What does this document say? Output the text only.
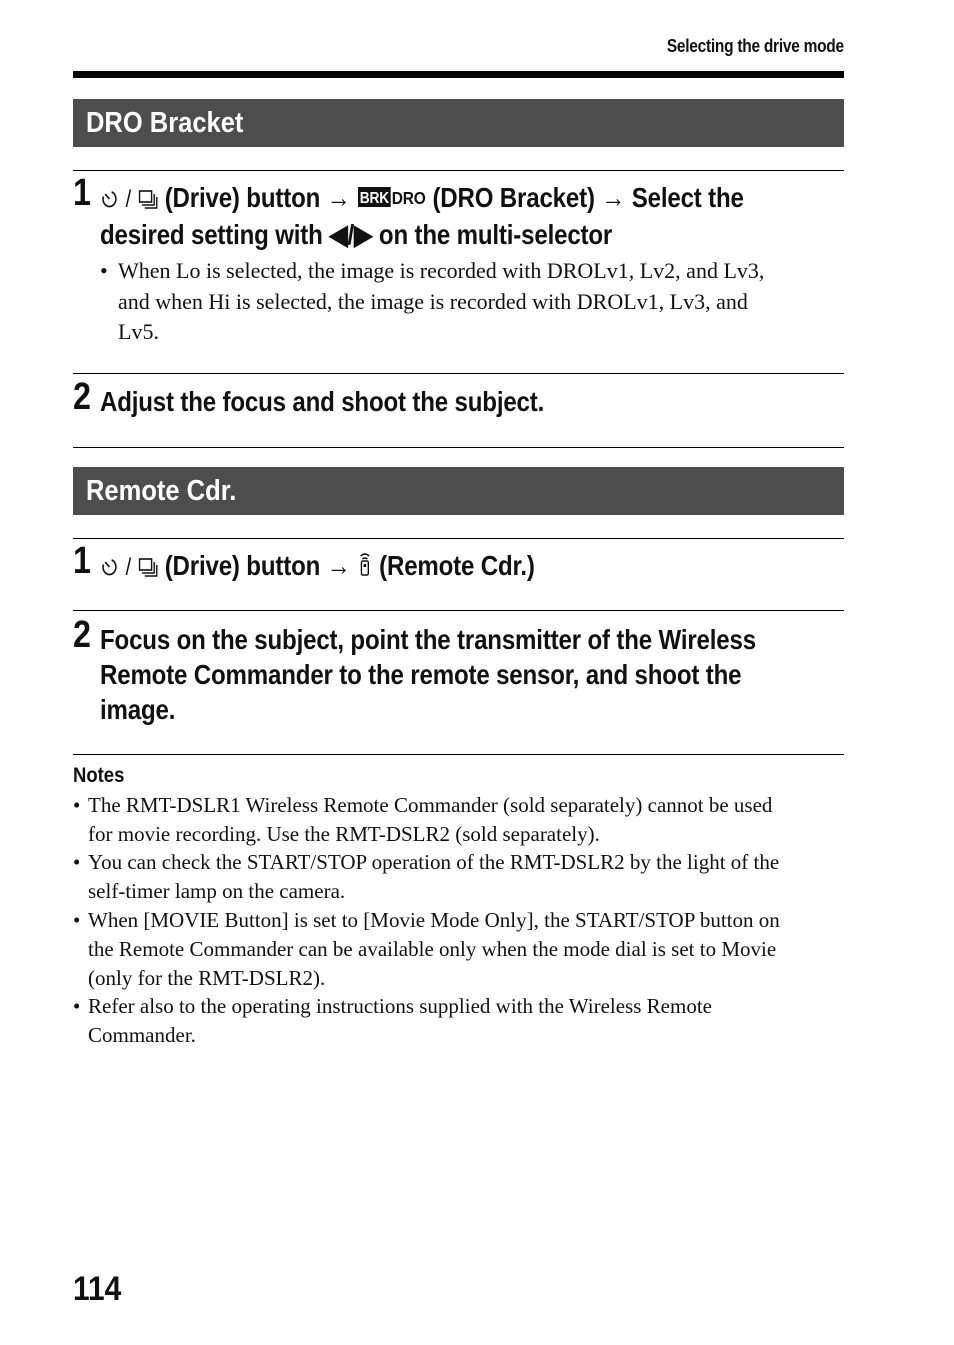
Selecting the drive mode
DRO Bracket
1	/ (Drive) button → BRK DRO (DRO Bracket) → Select the desired setting with ◀/▶ on the multi-selector
• When Lo is selected, the image is recorded with DROLv1, Lv2, and Lv3,
and when Hi is selected, the image is recorded with DROLv1, Lv3, and
Lv5.
2 Adjust the focus and shoot the subject.
Remote Cdr.
1	/ (Drive) button → (Remote Cdr.)
2 Focus on the subject, point the transmitter of the Wireless Remote Commander to the remote sensor, and shoot the image.
Notes
• The RMT-DSLR1 Wireless Remote Commander (sold separately) cannot be used
for movie recording. Use the RMT-DSLR2 (sold separately).
• You can check the START/STOP operation of the RMT-DSLR2 by the light of the
self-timer lamp on the camera.
• When [MOVIE Button] is set to [Movie Mode Only], the START/STOP button on
the Remote Commander can be available only when the mode dial is set to Movie
(only for the RMT-DSLR2).
• Refer also to the operating instructions supplied with the Wireless Remote
Commander.
114
